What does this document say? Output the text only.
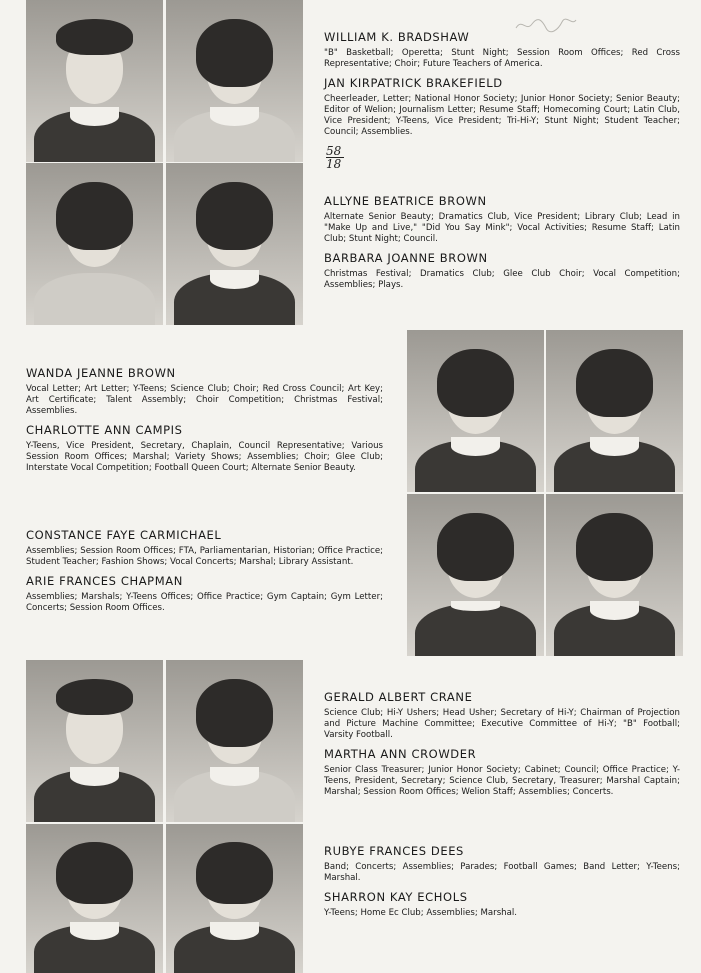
58
18
WILLIAM K. BRADSHAW
"B" Basketball; Operetta; Stunt Night; Session Room Offices; Red Cross Representative; Choir; Future Teachers of America.
JAN KIRPATRICK BRAKEFIELD
Cheerleader, Letter; National Honor Society; Junior Honor Society; Senior Beauty; Editor of Welion; Journalism Letter; Resume Staff; Homecoming Court; Latin Club, Vice President; Y-Teens, Vice President; Tri-Hi-Y; Stunt Night; Student Teacher; Council; Assemblies.
ALLYNE BEATRICE BROWN
Alternate Senior Beauty; Dramatics Club, Vice President; Library Club; Lead in "Make Up and Live," "Did You Say Mink"; Vocal Activities; Resume Staff; Latin Club; Stunt Night; Council.
BARBARA JOANNE BROWN
Christmas Festival; Dramatics Club; Glee Club Choir; Vocal Competition; Assemblies; Plays.
WANDA JEANNE BROWN
Vocal Letter; Art Letter; Y-Teens; Science Club; Choir; Red Cross Council; Art Key; Art Certificate; Talent Assembly; Choir Competition; Christmas Festival; Assemblies.
CHARLOTTE ANN CAMPIS
Y-Teens, Vice President, Secretary, Chaplain, Council Representative; Various Session Room Offices; Marshal; Variety Shows; Assemblies; Choir; Glee Club; Interstate Vocal Competition; Football Queen Court; Alternate Senior Beauty.
CONSTANCE FAYE CARMICHAEL
Assemblies; Session Room Offices; FTA, Parliamentarian, Historian; Office Practice; Student Teacher; Fashion Shows; Vocal Concerts; Marshal; Library Assistant.
ARIE FRANCES CHAPMAN
Assemblies; Marshals; Y-Teens Offices; Office Practice; Gym Captain; Gym Letter; Concerts; Session Room Offices.
GERALD ALBERT CRANE
Science Club; Hi-Y Ushers; Head Usher; Secretary of Hi-Y; Chairman of Projection and Picture Machine Committee; Executive Committee of Hi-Y; "B" Football; Varsity Football.
MARTHA ANN CROWDER
Senior Class Treasurer; Junior Honor Society; Cabinet; Council; Office Practice; Y-Teens, President, Secretary; Science Club, Secretary, Treasurer; Marshal Captain; Marshal; Session Room Offices; Welion Staff; Assemblies; Concerts.
RUBYE FRANCES DEES
Band; Concerts; Assemblies; Parades; Football Games; Band Letter; Y-Teens; Marshal.
SHARRON KAY ECHOLS
Y-Teens; Home Ec Club; Assemblies; Marshal.
